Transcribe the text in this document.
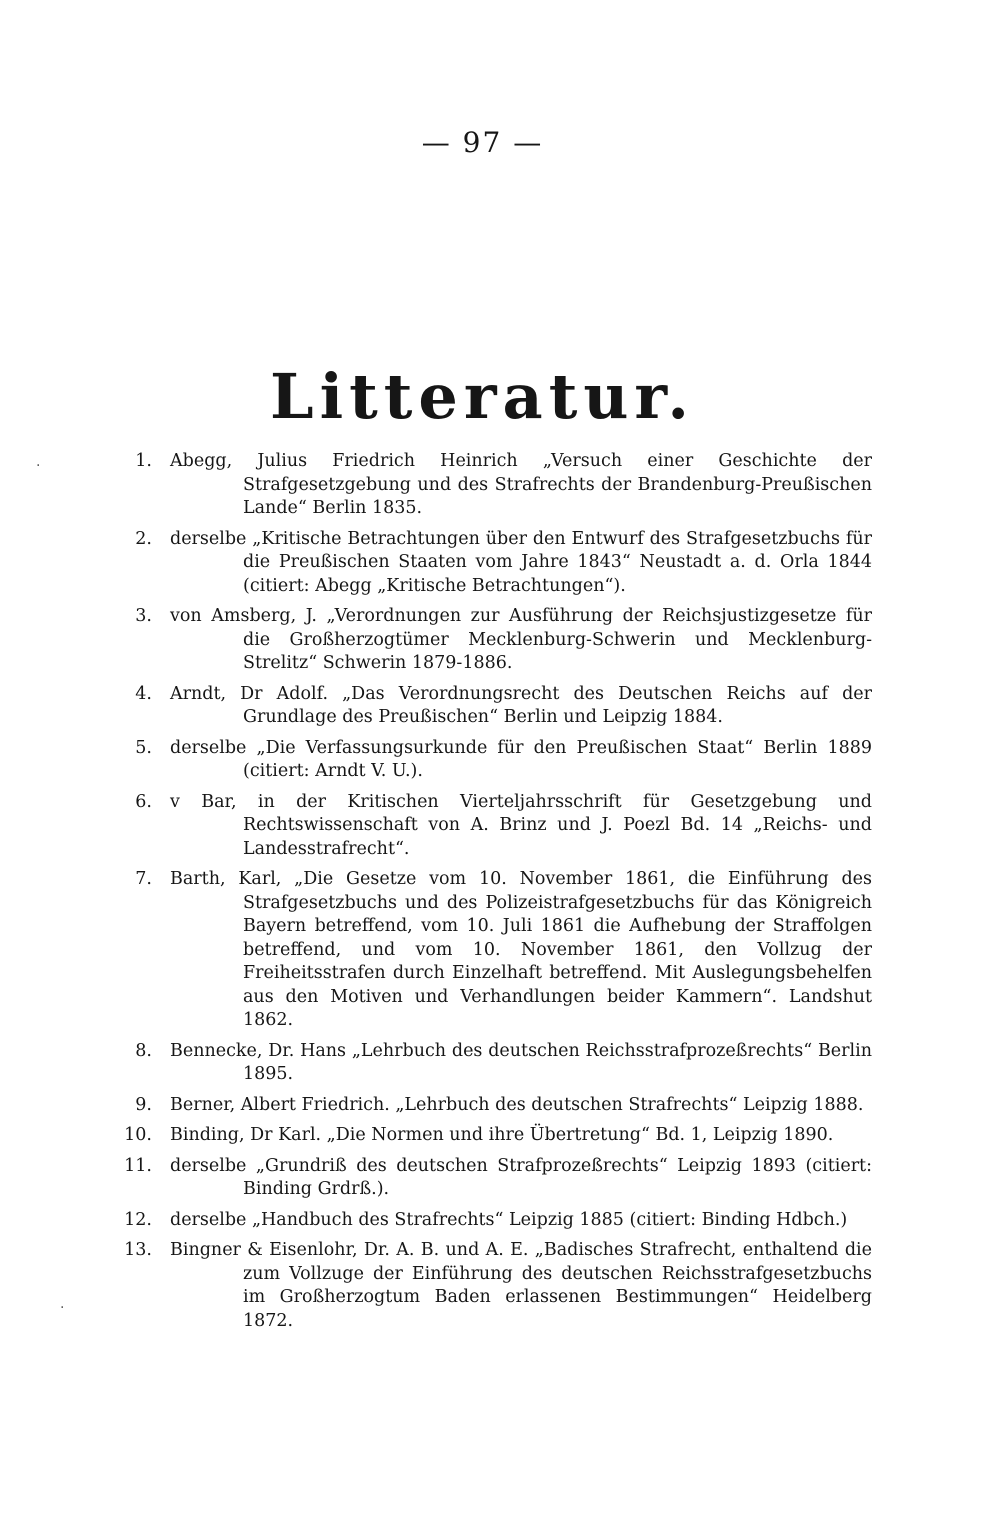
— 97 —
Litteratur.
1. Abegg, Julius Friedrich Heinrich „Versuch einer Geschichte der Strafgesetzgebung und des Strafrechts der Brandenburg-Preußischen Lande“ Berlin 1835.
2. derselbe „Kritische Betrachtungen über den Entwurf des Strafgesetzbuchs für die Preußischen Staaten vom Jahre 1843“ Neustadt a. d. Orla 1844 (citiert: Abegg „Kritische Betrachtungen“).
3. von Amsberg, J. „Verordnungen zur Ausführung der Reichsjustizgesetze für die Großherzogtümer Mecklenburg-Schwerin und Mecklenburg-Strelitz“ Schwerin 1879-1886.
4. Arndt, Dr Adolf. „Das Verordnungsrecht des Deutschen Reichs auf der Grundlage des Preußischen“ Berlin und Leipzig 1884.
5. derselbe „Die Verfassungsurkunde für den Preußischen Staat“ Berlin 1889 (citiert: Arndt V. U.).
6. v Bar, in der Kritischen Vierteljahrsschrift für Gesetzgebung und Rechtswissenschaft von A. Brinz und J. Poezl Bd. 14 „Reichs- und Landesstrafrecht“.
7. Barth, Karl, „Die Gesetze vom 10. November 1861, die Einführung des Strafgesetzbuchs und des Polizeistrafgesetzbuchs für das Königreich Bayern betreffend, vom 10. Juli 1861 die Aufhebung der Straffolgen betreffend, und vom 10. November 1861, den Vollzug der Freiheitsstrafen durch Einzelhaft betreffend. Mit Auslegungsbehelfen aus den Motiven und Verhandlungen beider Kammern“. Landshut 1862.
8. Bennecke, Dr. Hans „Lehrbuch des deutschen Reichsstrafprozeßrechts“ Berlin 1895.
9. Berner, Albert Friedrich. „Lehrbuch des deutschen Strafrechts“ Leipzig 1888.
10. Binding, Dr Karl. „Die Normen und ihre Übertretung“ Bd. 1, Leipzig 1890.
11. derselbe „Grundriß des deutschen Strafprozeßrechts“ Leipzig 1893 (citiert: Binding Grdrß.).
12. derselbe „Handbuch des Strafrechts“ Leipzig 1885 (citiert: Binding Hdbch.)
13. Bingner & Eisenlohr, Dr. A. B. und A. E. „Badisches Strafrecht, enthaltend die zum Vollzuge der Einführung des deutschen Reichsstrafgesetzbuchs im Großherzogtum Baden erlassenen Bestimmungen“ Heidelberg 1872.
·
·
